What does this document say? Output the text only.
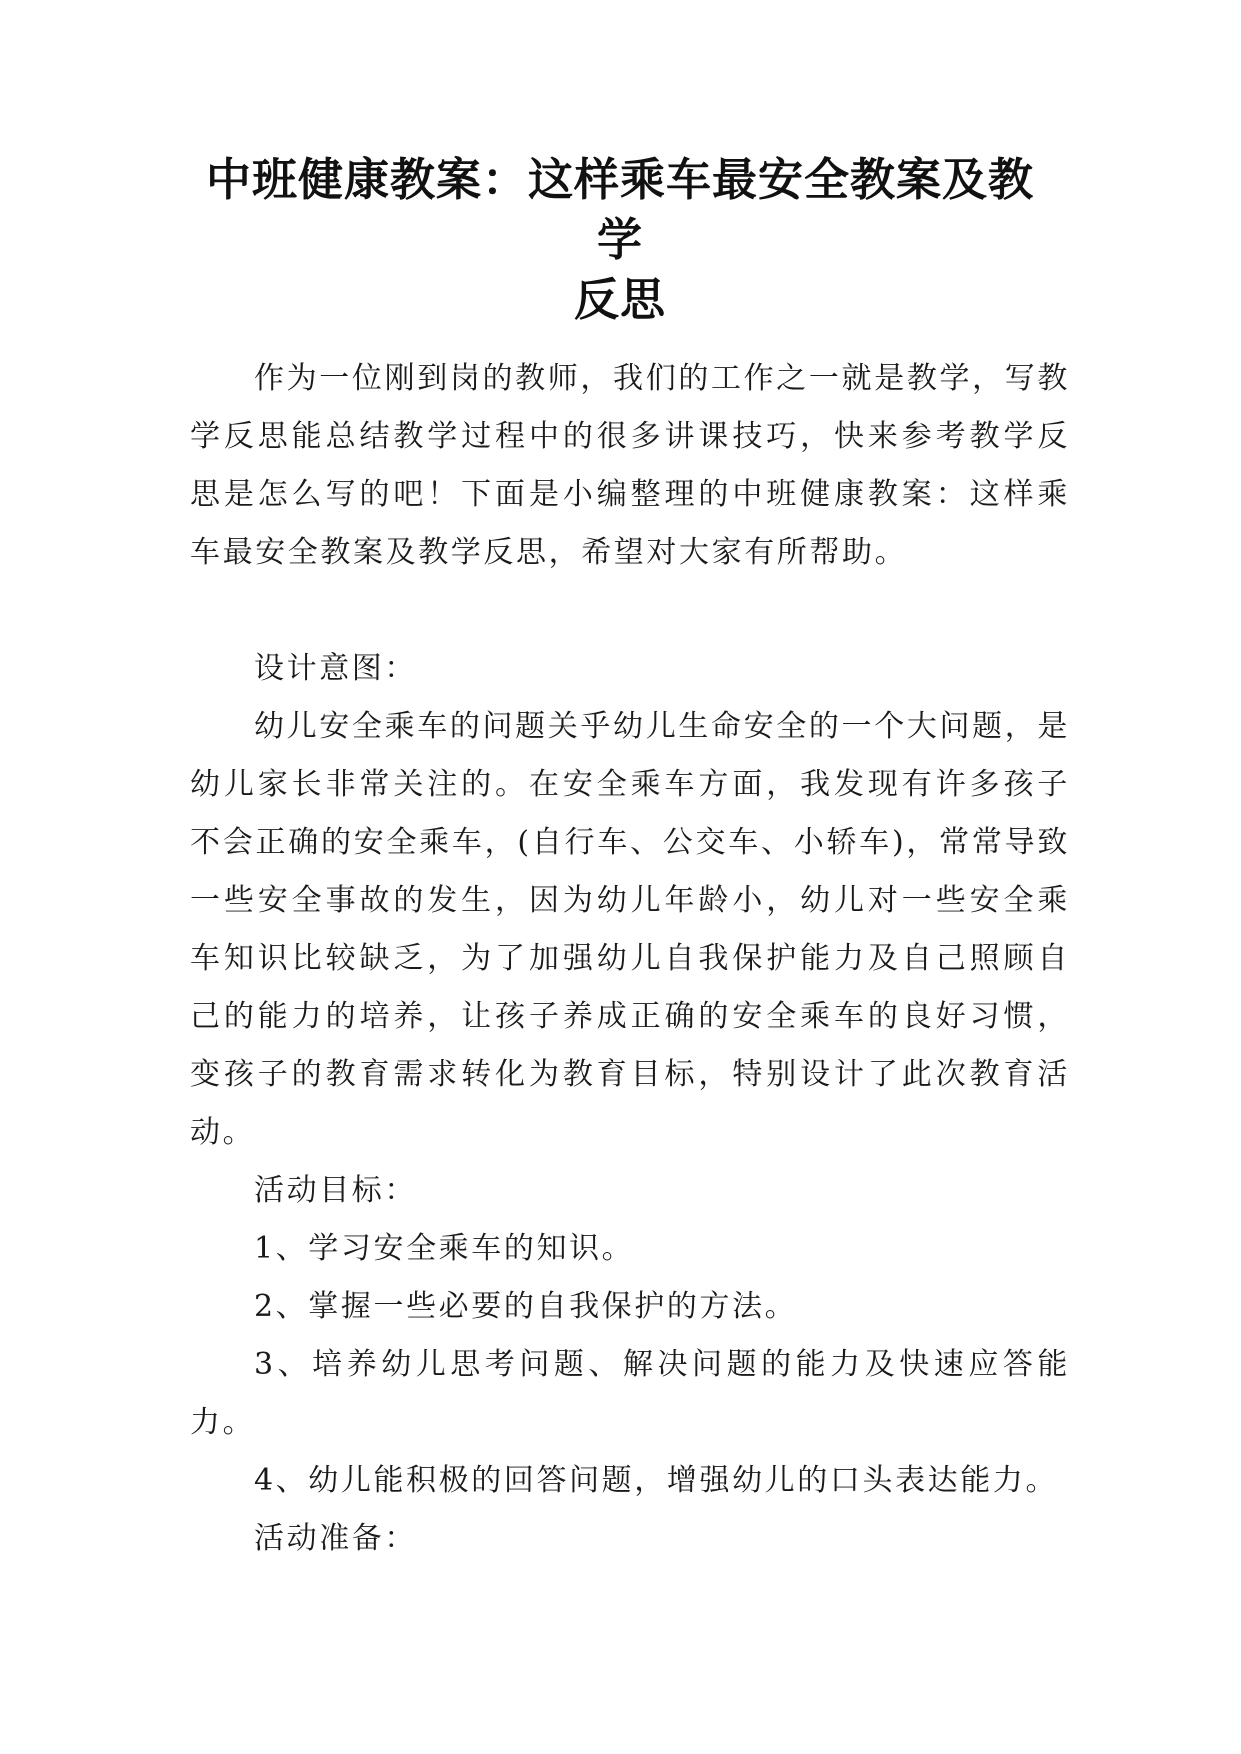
中班健康教案：这样乘车最安全教案及教学
反思

作为一位刚到岗的教师，我们的工作之一就是教学，写教学反思能总结教学过程中的很多讲课技巧，快来参考教学反思是怎么写的吧！下面是小编整理的中班健康教案：这样乘车最安全教案及教学反思，希望对大家有所帮助。

设计意图：

幼儿安全乘车的问题关乎幼儿生命安全的一个大问题，是幼儿家长非常关注的。在安全乘车方面，我发现有许多孩子不会正确的安全乘车，(自行车、公交车、小轿车)，常常导致一些安全事故的发生，因为幼儿年龄小，幼儿对一些安全乘车知识比较缺乏，为了加强幼儿自我保护能力及自己照顾自己的能力的培养，让孩子养成正确的安全乘车的良好习惯，变孩子的教育需求转化为教育目标，特别设计了此次教育活动。

活动目标：

1、学习安全乘车的知识。

2、掌握一些必要的自我保护的方法。

3、培养幼儿思考问题、解决问题的能力及快速应答能力。

4、幼儿能积极的回答问题，增强幼儿的口头表达能力。

活动准备：
